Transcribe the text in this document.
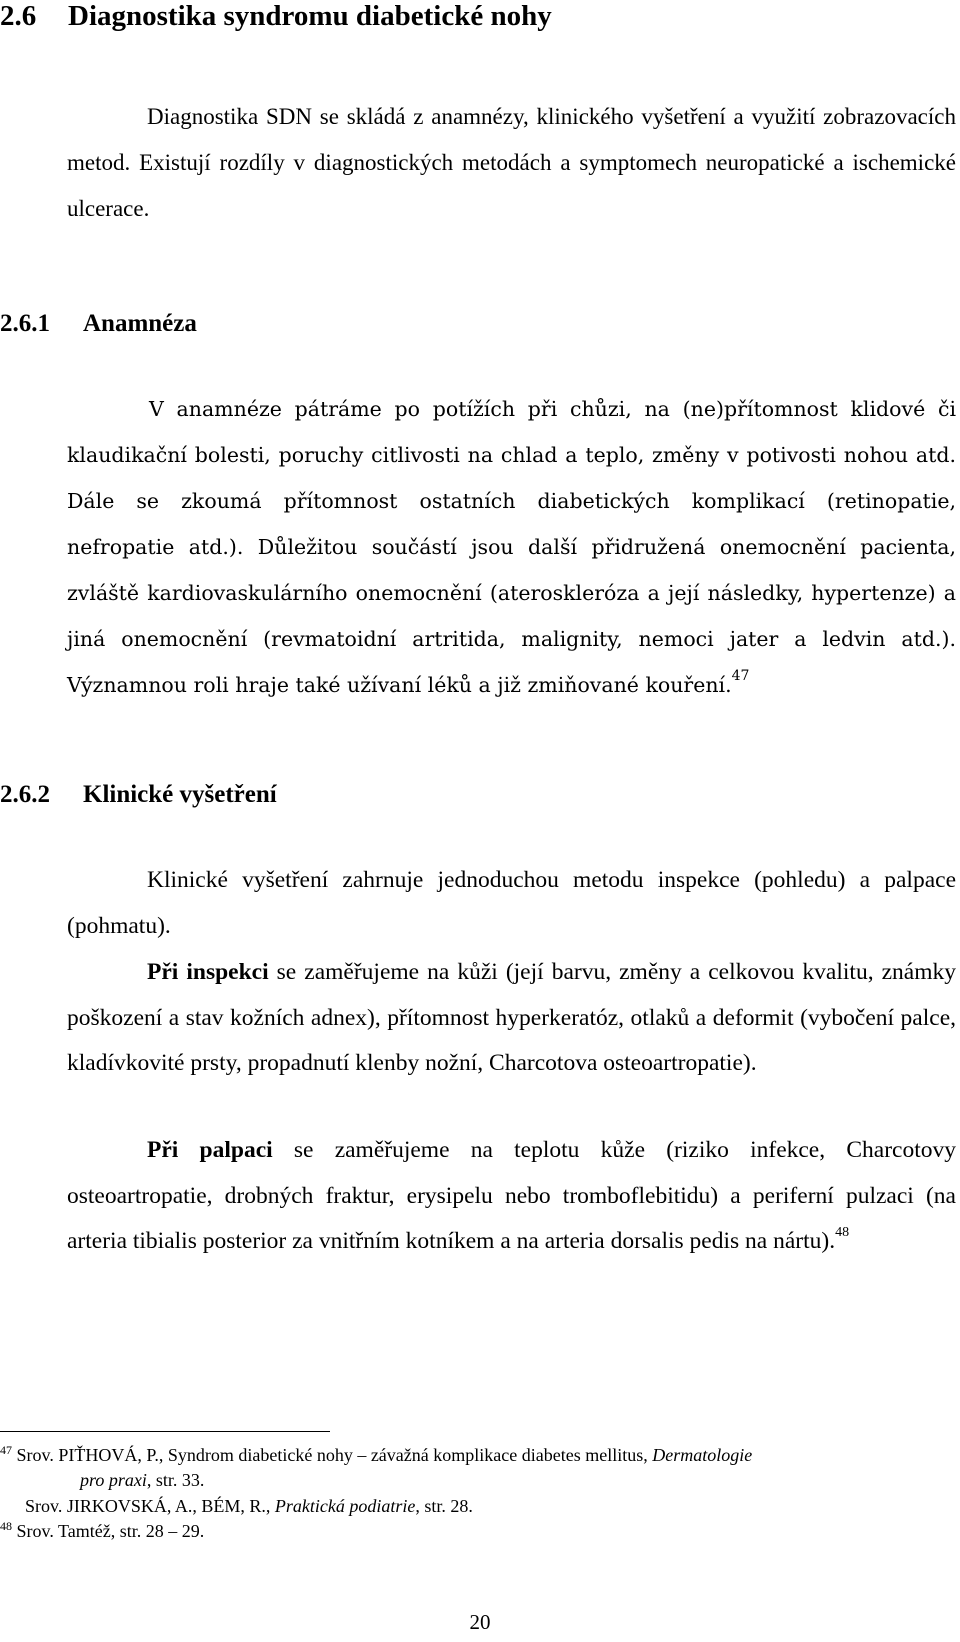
2.6 Diagnostika syndromu diabetické nohy

Diagnostika SDN se skládá z anamnézy, klinického vyšetření a využití zobrazovacích metod. Existují rozdíly v diagnostických metodách a symptomech neuropatické a ischemické ulcerace.

2.6.1 Anamnéza

V anamnéze pátráme po potížích při chůzi, na (ne)přítomnost klidové či klaudikační bolesti, poruchy citlivosti na chlad a teplo, změny v potivosti nohou atd. Dále se zkoumá přítomnost ostatních diabetických komplikací (retinopatie, nefropatie atd.). Důležitou součástí jsou další přidružená onemocnění pacienta, zvláště kardiovaskulárního onemocnění (ateroskleróza a její následky, hypertenze) a jiná onemocnění (revmatoidní artritida, malignity, nemoci jater a ledvin atd.). Významnou roli hraje také užívaní léků a již zmiňované kouření.$^{47}$

2.6.2 Klinické vyšetření

Klinické vyšetření zahrnuje jednoduchou metodu inspekce (pohledu) a palpace (pohmatu).

Při inspekci se zaměřujeme na kůži (její barvu, změny a celkovou kvalitu, známky poškození a stav kožních adnex), přítomnost hyperkeratóz, otlaků a deformit (vybočení palce, kladívkovité prsty, propadnutí klenby nožní, Charcotova osteoartropatie).

Při palpaci se zaměřujeme na teplotu kůže (riziko infekce, Charcotovy osteoartropatie, drobných fraktur, erysipelu nebo tromboflebitidu) a periferní pulzaci (na arteria tibialis posterior za vnitřním kotníkem a na arteria dorsalis pedis na nártu).$^{48}$

$^{47}$ Srov. PIŤHOVÁ, P., Syndrom diabetické nohy – závažná komplikace diabetes mellitus, Dermatologie
pro praxi, str. 33.
Srov. JIRKOVSKÁ, A., BÉM, R., Praktická podiatrie, str. 28.
$^{48}$ Srov. Tamtéž, str. 28 – 29.
20
